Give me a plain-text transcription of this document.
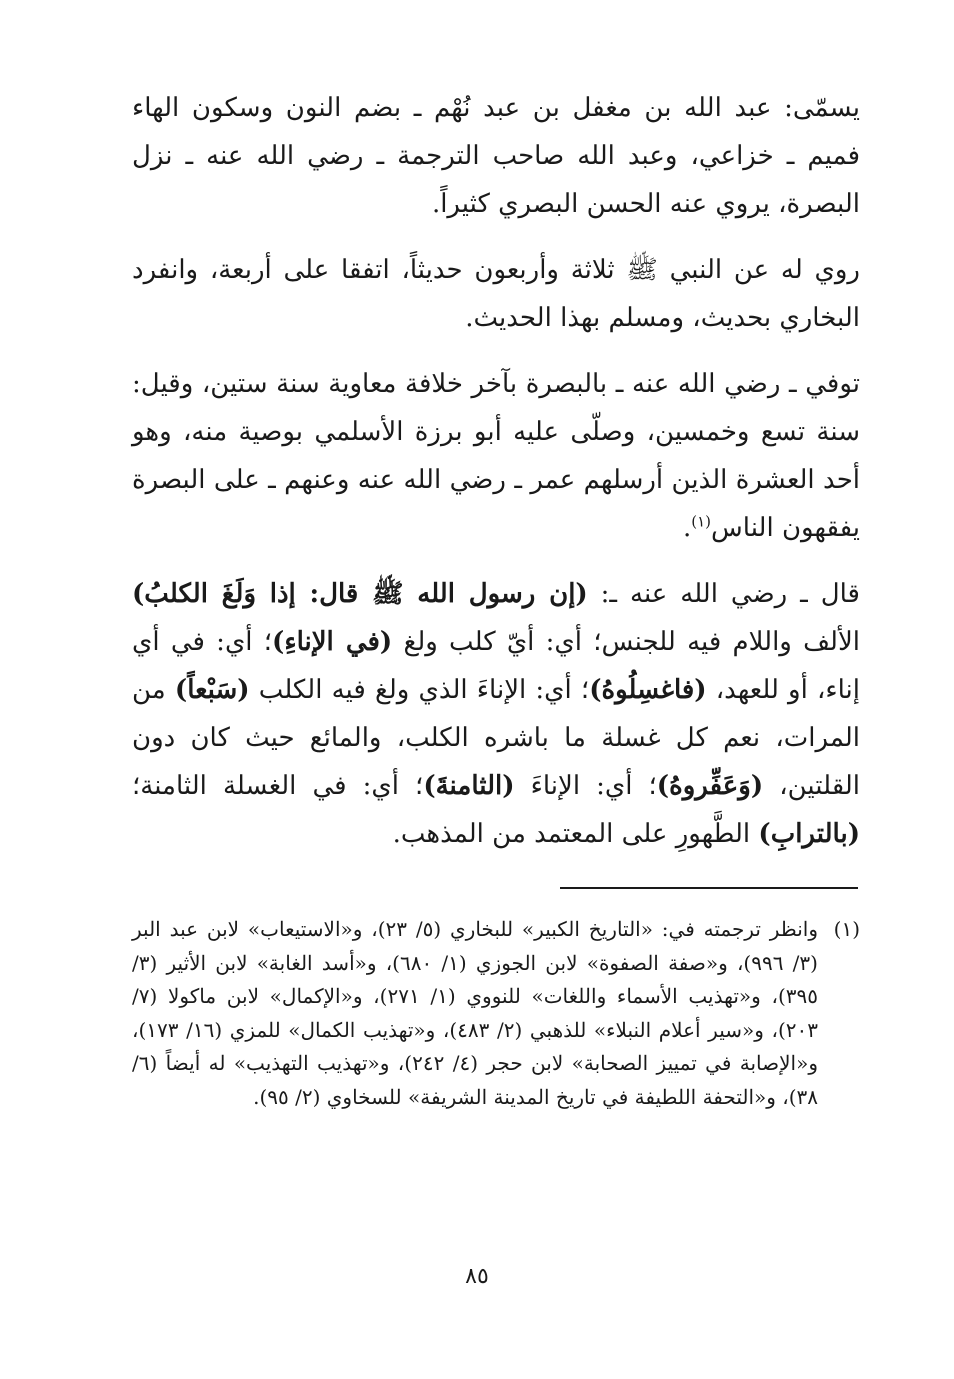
يسمّى: عبد الله بن مغفل بن عبد نُهْم ـ بضم النون وسكون الهاء فميم ـ خزاعي، وعبد الله صاحب الترجمة ـ رضي الله عنه ـ نزل البصرة، يروي عنه الحسن البصري كثيراً.

روي له عن النبي ﷺ ثلاثة وأربعون حديثاً، اتفقا على أربعة، وانفرد البخاري بحديث، ومسلم بهذا الحديث.

توفي ـ رضي الله عنه ـ بالبصرة بآخر خلافة معاوية سنة ستين، وقيل: سنة تسع وخمسين، وصلّى عليه أبو برزة الأسلمي بوصية منه، وهو أحد العشرة الذين أرسلهم عمر ـ رضي الله عنه وعنهم ـ على البصرة يفقهون الناس$^{(١)}$.

قال ـ رضي الله عنه ـ: (إن رسول الله ﷺ قال: إذا وَلَغَ الكلبُ) الألف واللام فيه للجنس؛ أي: أيّ كلب ولغ (في الإناءِ)؛ أي: في أي إناء، أو للعهد، (فاغسِلُوهُ)؛ أي: الإناءَ الذي ولغ فيه الكلب (سَبْعاً) من المرات، نعم كل غسلة ما باشره الكلب، والمائع حيث كان دون القلتين، (وَعَفِّروهُ)؛ أي: الإناءَ (الثامنةَ)؛ أي: في الغسلة الثامنة؛ (بالترابِ) الطَّهورِ على المعتمد من المذهب.

(١)
وانظر ترجمته في: «التاريخ الكبير» للبخاري (٥/ ٢٣)، و«الاستيعاب» لابن عبد البر (٣/ ٩٩٦)، و«صفة الصفوة» لابن الجوزي (١/ ٦٨٠)، و«أسد الغابة» لابن الأثير (٣/ ٣٩٥)، و«تهذيب الأسماء واللغات» للنووي (١/ ٢٧١)، و«الإكمال» لابن ماكولا (٧/ ٢٠٣)، و«سير أعلام النبلاء» للذهبي (٢/ ٤٨٣)، و«تهذيب الكمال» للمزي (١٦/ ١٧٣)، و«الإصابة في تمييز الصحابة» لابن حجر (٤/ ٢٤٢)، و«تهذيب التهذيب» له أيضاً (٦/ ٣٨)، و«التحفة اللطيفة في تاريخ المدينة الشريفة» للسخاوي (٢/ ٩٥).
٨٥
